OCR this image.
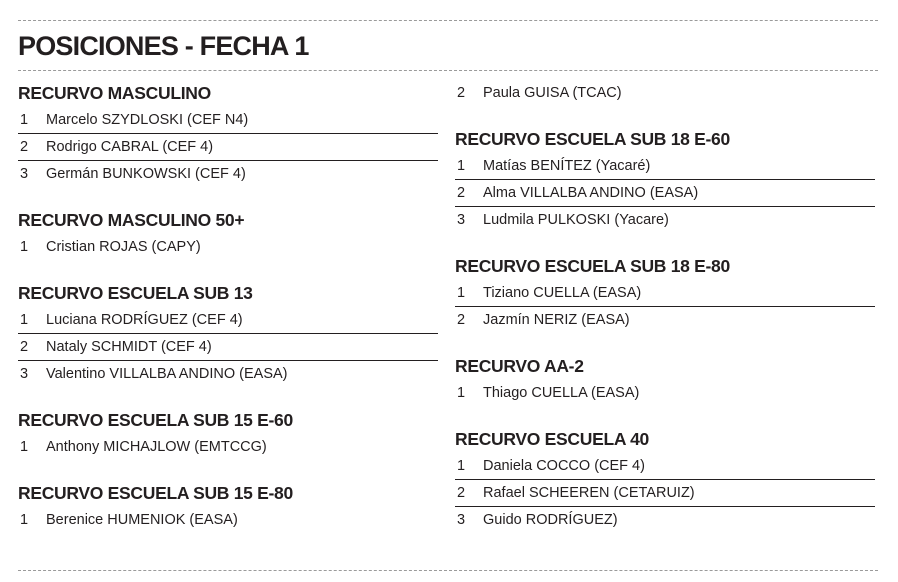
POSICIONES - FECHA 1
RECURVO MASCULINO
1	Marcelo SZYDLOSKI (CEF N4)
2	Rodrigo CABRAL (CEF 4)
3	Germán BUNKOWSKI (CEF 4)
RECURVO MASCULINO 50+
1	Cristian ROJAS (CAPY)
RECURVO ESCUELA SUB 13
1	Luciana RODRÍGUEZ (CEF 4)
2	Nataly SCHMIDT (CEF 4)
3	Valentino VILLALBA ANDINO (EASA)
RECURVO ESCUELA SUB 15 E-60
1	Anthony MICHAJLOW (EMTCCG)
RECURVO ESCUELA SUB 15 E-80
1	Berenice HUMENIOK (EASA)
2	Paula GUISA (TCAC)
RECURVO ESCUELA SUB 18 E-60
1	Matías BENÍTEZ (Yacaré)
2	Alma VILLALBA ANDINO (EASA)
3	Ludmila PULKOSKI (Yacare)
RECURVO ESCUELA SUB 18 E-80
1	Tiziano CUELLA (EASA)
2	Jazmín NERIZ (EASA)
RECURVO AA-2
1	Thiago CUELLA (EASA)
RECURVO ESCUELA 40
1	Daniela COCCO (CEF 4)
2	Rafael SCHEEREN (CETARUIZ)
3	Guido RODRÍGUEZ)
